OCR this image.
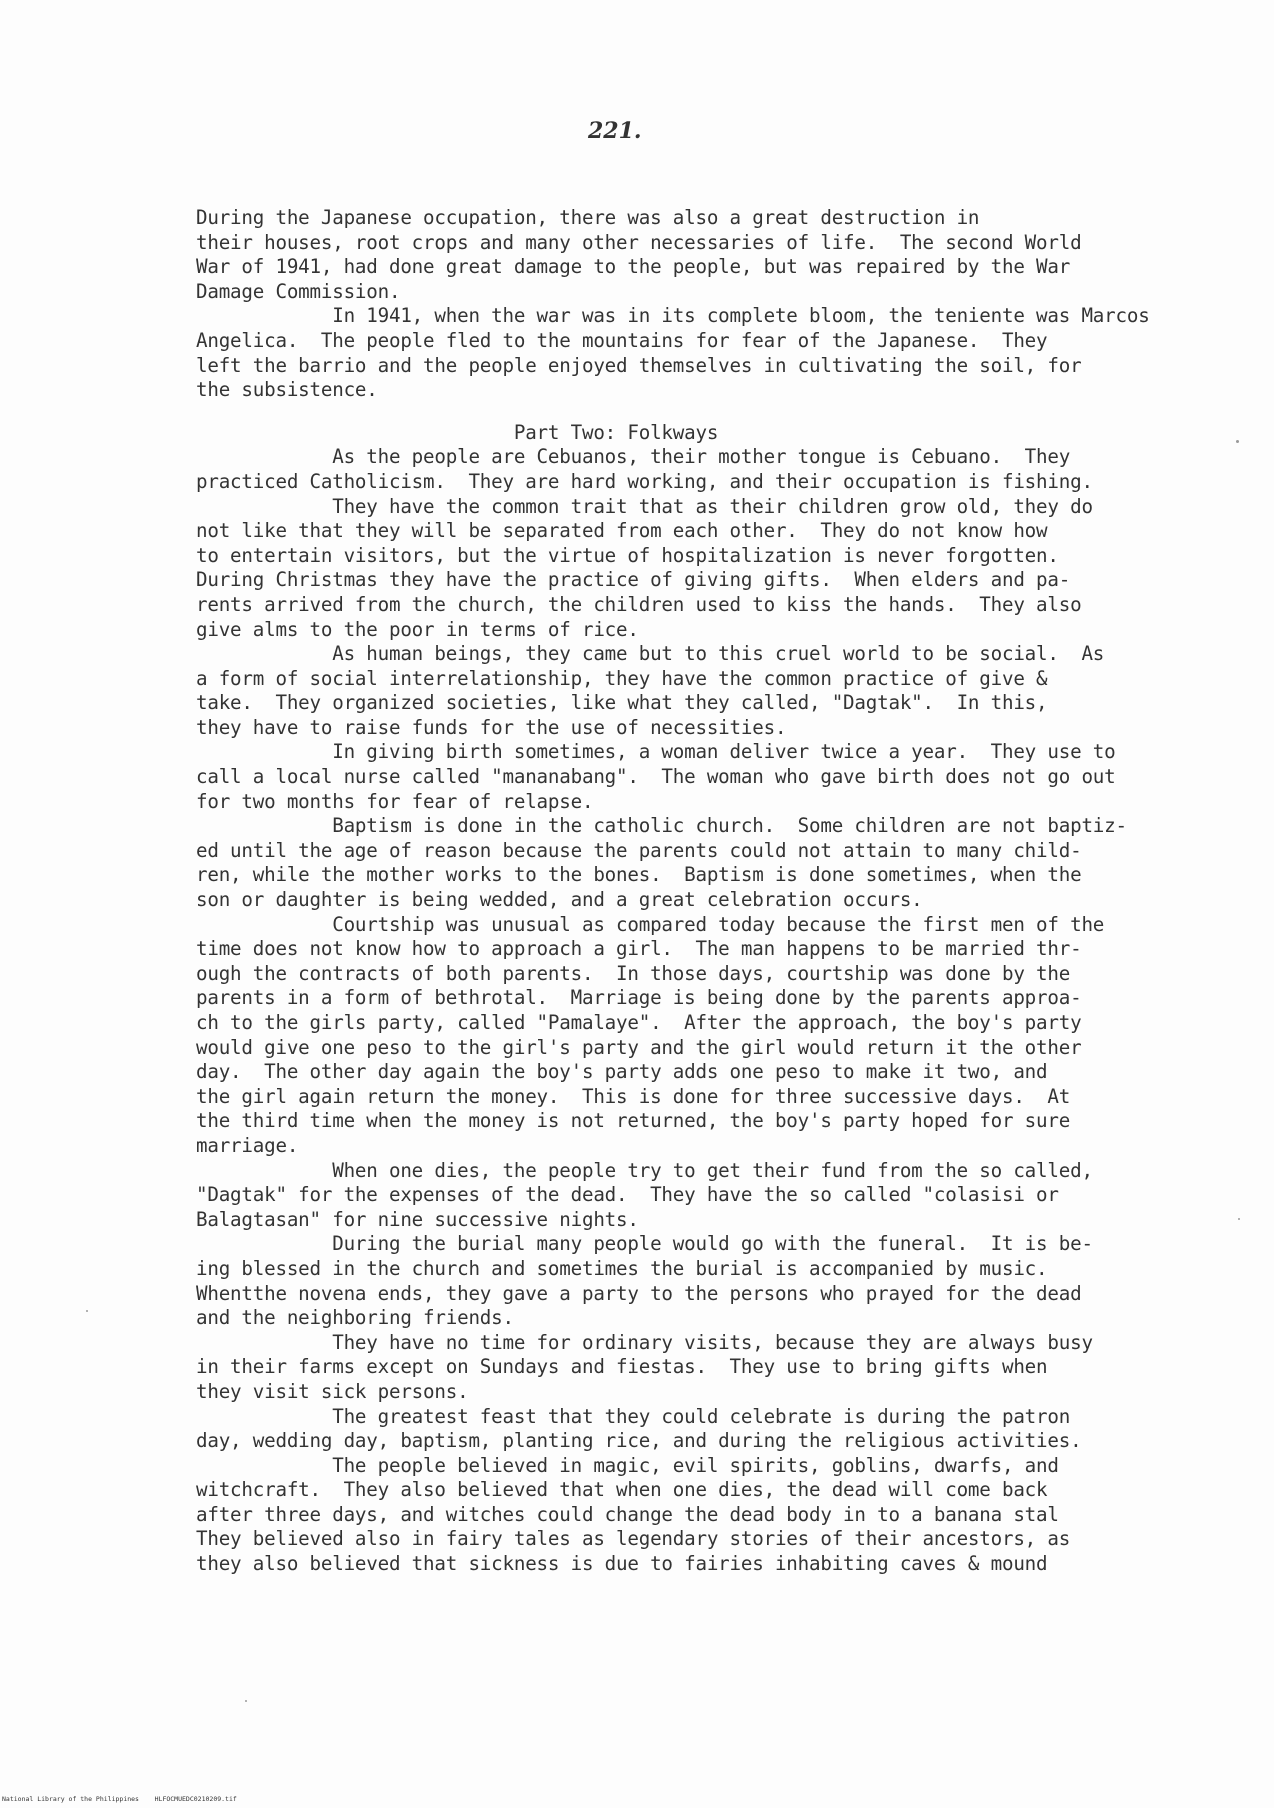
221.
During the Japanese occupation, there was also a great destruction in
their houses, root crops and many other necessaries of life.  The second World
War of 1941, had done great damage to the people, but was repaired by the War
Damage Commission.
In 1941, when the war was in its complete bloom, the teniente was Marcos
Angelica.  The people fled to the mountains for fear of the Japanese.  They
left the barrio and the people enjoyed themselves in cultivating the soil, for
the subsistence.
Part Two: Folkways
As the people are Cebuanos, their mother tongue is Cebuano.  They
practiced Catholicism.  They are hard working, and their occupation is fishing.
They have the common trait that as their children grow old, they do
not like that they will be separated from each other.  They do not know how
to entertain visitors, but the virtue of hospitalization is never forgotten.
During Christmas they have the practice of giving gifts.  When elders and pa-
rents arrived from the church, the children used to kiss the hands.  They also
give alms to the poor in terms of rice.
As human beings, they came but to this cruel world to be social.  As
a form of social interrelationship, they have the common practice of give &
take.  They organized societies, like what they called, "Dagtak".  In this,
they have to raise funds for the use of necessities.
In giving birth sometimes, a woman deliver twice a year.  They use to
call a local nurse called "mananabang".  The woman who gave birth does not go out
for two months for fear of relapse.
Baptism is done in the catholic church.  Some children are not baptiz-
ed until the age of reason because the parents could not attain to many child-
ren, while the mother works to the bones.  Baptism is done sometimes, when the
son or daughter is being wedded, and a great celebration occurs.
Courtship was unusual as compared today because the first men of the
time does not know how to approach a girl.  The man happens to be married thr-
ough the contracts of both parents.  In those days, courtship was done by the
parents in a form of bethrotal.  Marriage is being done by the parents approa-
ch to the girls party, called "Pamalaye".  After the approach, the boy's party
would give one peso to the girl's party and the girl would return it the other
day.  The other day again the boy's party adds one peso to make it two, and
the girl again return the money.  This is done for three successive days.  At
the third time when the money is not returned, the boy's party hoped for sure
marriage.
When one dies, the people try to get their fund from the so called,
"Dagtak" for the expenses of the dead.  They have the so called "colasisi or
Balagtasan" for nine successive nights.
During the burial many people would go with the funeral.  It is be-
ing blessed in the church and sometimes the burial is accompanied by music.
Whentthe novena ends, they gave a party to the persons who prayed for the dead
and the neighboring friends.
They have no time for ordinary visits, because they are always busy
in their farms except on Sundays and fiestas.  They use to bring gifts when
they visit sick persons.
The greatest feast that they could celebrate is during the patron
day, wedding day, baptism, planting rice, and during the religious activities.
The people believed in magic, evil spirits, goblins, dwarfs, and
witchcraft.  They also believed that when one dies, the dead will come back
after three days, and witches could change the dead body in to a banana stal
They believed also in fairy tales as legendary stories of their ancestors, as
they also believed that sickness is due to fairies inhabiting caves & mound
National Library of the Philippines    HLFOCMUEDC0210209.tif
